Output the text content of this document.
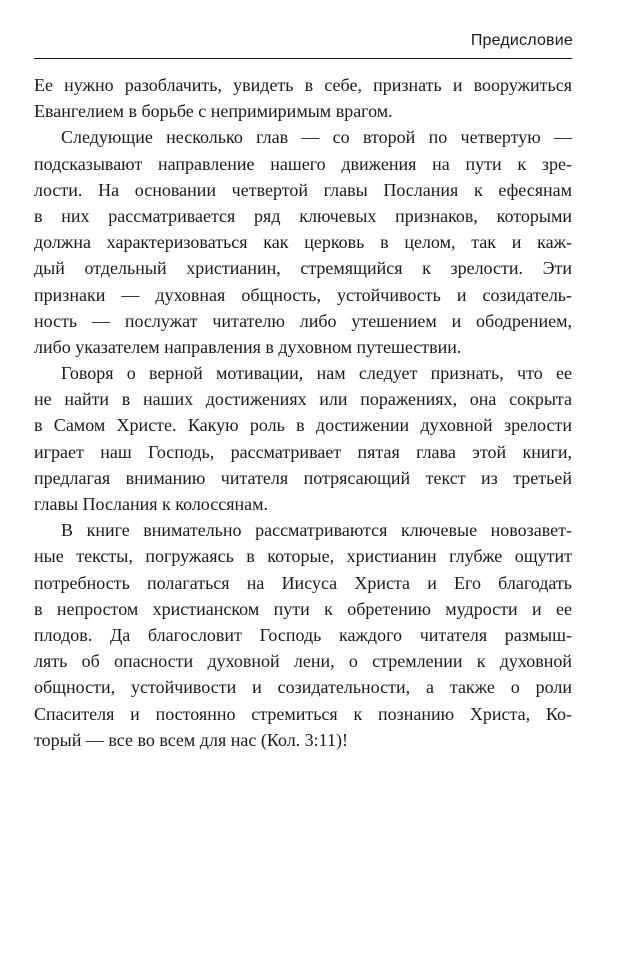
Предисловие
Ее нужно разоблачить, увидеть в себе, признать и вооружиться
Евангелием в борьбе с непримиримым врагом.
Следующие несколько глав — со второй по четвертую —
подсказывают направление нашего движения на пути к зре-
лости. На основании четвертой главы Послания к ефесянам
в них рассматривается ряд ключевых признаков, которыми
должна характеризоваться как церковь в целом, так и каж-
дый отдельный христианин, стремящийся к зрелости. Эти
признаки — духовная общность, устойчивость и созидатель-
ность — послужат читателю либо утешением и ободрением,
либо указателем направления в духовном путешествии.
Говоря о верной мотивации, нам следует признать, что ее
не найти в наших достижениях или поражениях, она сокрыта
в Самом Христе. Какую роль в достижении духовной зрелости
играет наш Господь, рассматривает пятая глава этой книги,
предлагая вниманию читателя потрясающий текст из третьей
главы Послания к колоссянам.
В книге внимательно рассматриваются ключевые новозавет-
ные тексты, погружаясь в которые, христианин глубже ощутит
потребность полагаться на Иисуса Христа и Его благодать
в непростом христианском пути к обретению мудрости и ее
плодов. Да благословит Господь каждого читателя размыш-
лять об опасности духовной лени, о стремлении к духовной
общности, устойчивости и созидательности, а также о роли
Спасителя и постоянно стремиться к познанию Христа, Ко-
торый — все во всем для нас (Кол. 3:11)!
